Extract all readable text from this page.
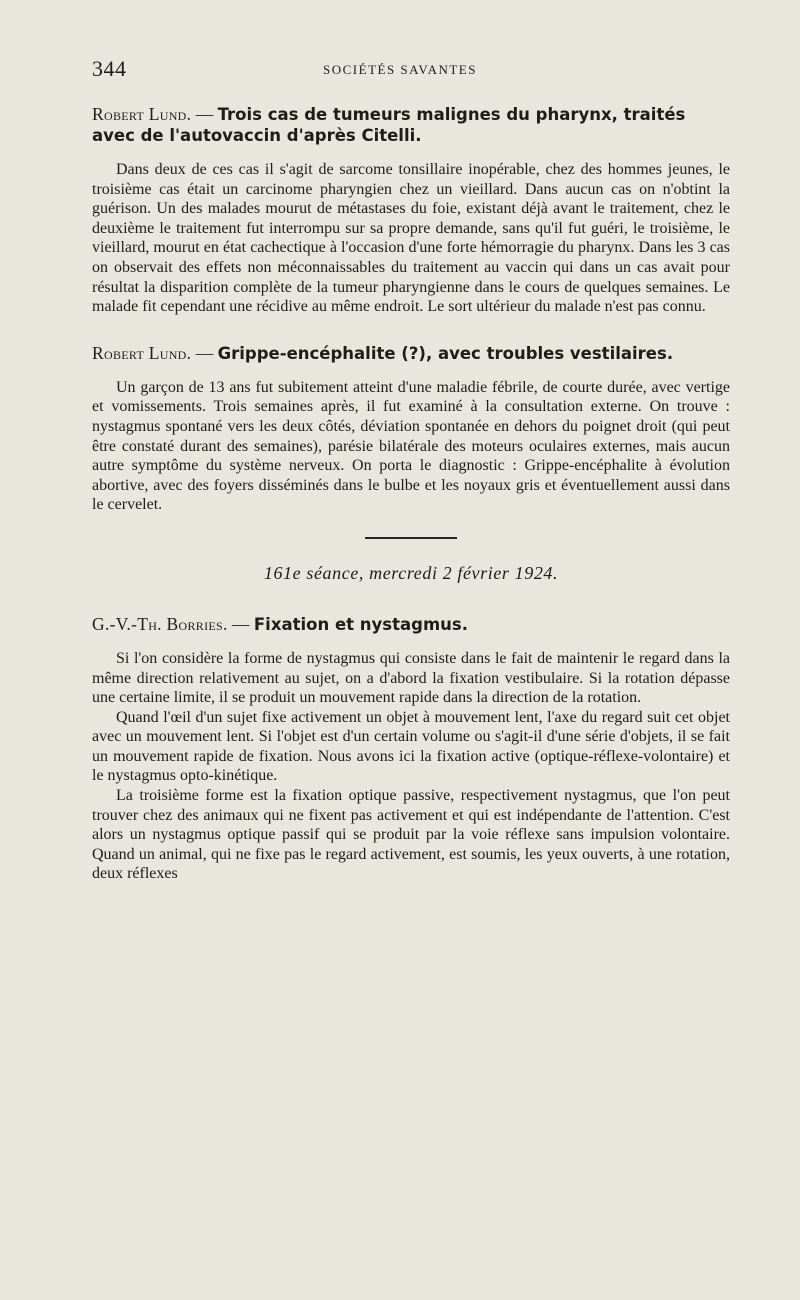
344	SOCIÉTÉS SAVANTES

Robert Lund. — Trois cas de tumeurs malignes du pharynx, traités avec de l'autovaccin d'après Citelli.

Dans deux de ces cas il s'agit de sarcome tonsillaire inopérable, chez des hommes jeunes, le troisième cas était un carcinome pharyngien chez un vieillard. Dans aucun cas on n'obtint la guérison. Un des malades mourut de métastases du foie, existant déjà avant le traitement, chez le deuxième le traitement fut interrompu sur sa propre demande, sans qu'il fut guéri, le troisième, le vieillard, mourut en état cachectique à l'occasion d'une forte hémorragie du pharynx. Dans les 3 cas on observait des effets non méconnaissables du traitement au vaccin qui dans un cas avait pour résultat la disparition complète de la tumeur pharyngienne dans le cours de quelques semaines. Le malade fit cependant une récidive au même endroit. Le sort ultérieur du malade n'est pas connu.

Robert Lund. — Grippe-encéphalite (?), avec troubles vestilaires.

Un garçon de 13 ans fut subitement atteint d'une maladie fébrile, de courte durée, avec vertige et vomissements. Trois semaines après, il fut examiné à la consultation externe. On trouve : nystagmus spontané vers les deux côtés, déviation spontanée en dehors du poignet droit (qui peut être constaté durant des semaines), parésie bilatérale des moteurs oculaires externes, mais aucun autre symptôme du système nerveux. On porta le diagnostic : Grippe-encéphalite à évolution abortive, avec des foyers disséminés dans le bulbe et les noyaux gris et éventuellement aussi dans le cervelet.

161e séance, mercredi 2 février 1924.

G.-V.-Th. Borries. — Fixation et nystagmus.

Si l'on considère la forme de nystagmus qui consiste dans le fait de maintenir le regard dans la même direction relativement au sujet, on a d'abord la fixation vestibulaire. Si la rotation dépasse une certaine limite, il se produit un mouvement rapide dans la direction de la rotation.

Quand l'œil d'un sujet fixe activement un objet à mouvement lent, l'axe du regard suit cet objet avec un mouvement lent. Si l'objet est d'un certain volume ou s'agit-il d'une série d'objets, il se fait un mouvement rapide de fixation. Nous avons ici la fixation active (optique-réflexe-volontaire) et le nystagmus opto-kinétique.

La troisième forme est la fixation optique passive, respectivement nystagmus, que l'on peut trouver chez des animaux qui ne fixent pas activement et qui est indépendante de l'attention. C'est alors un nystagmus optique passif qui se produit par la voie réflexe sans impulsion volontaire. Quand un animal, qui ne fixe pas le regard activement, est soumis, les yeux ouverts, à une rotation, deux réflexes
